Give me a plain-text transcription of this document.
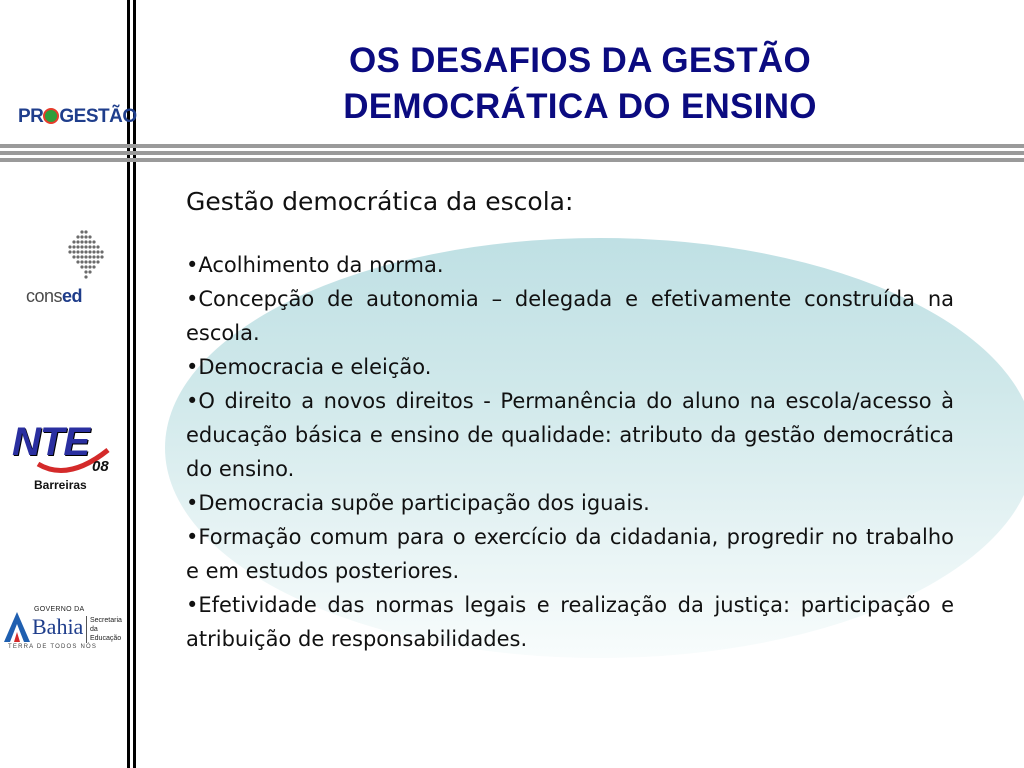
OS DESAFIOS DA GESTÃO
DEMOCRÁTICA DO ENSINO
PR GESTÃO
consed
NTE
08
Barreiras
GOVERNO DA
Bahia Secretaria
da Educação
TERRA DE TODOS NÓS
Gestão democrática da escola:
•Acolhimento da norma.
•Concepção de autonomia – delegada e efetivamente construída na escola.
•Democracia e eleição.
•O direito a novos direitos - Permanência do aluno na escola/acesso à educação básica e ensino de qualidade: atributo da gestão democrática do ensino.
•Democracia supõe participação dos iguais.
•Formação comum para o exercício da cidadania, progredir no trabalho e em estudos posteriores.
•Efetividade das normas legais e realização da justiça: participação e atribuição de responsabilidades.
